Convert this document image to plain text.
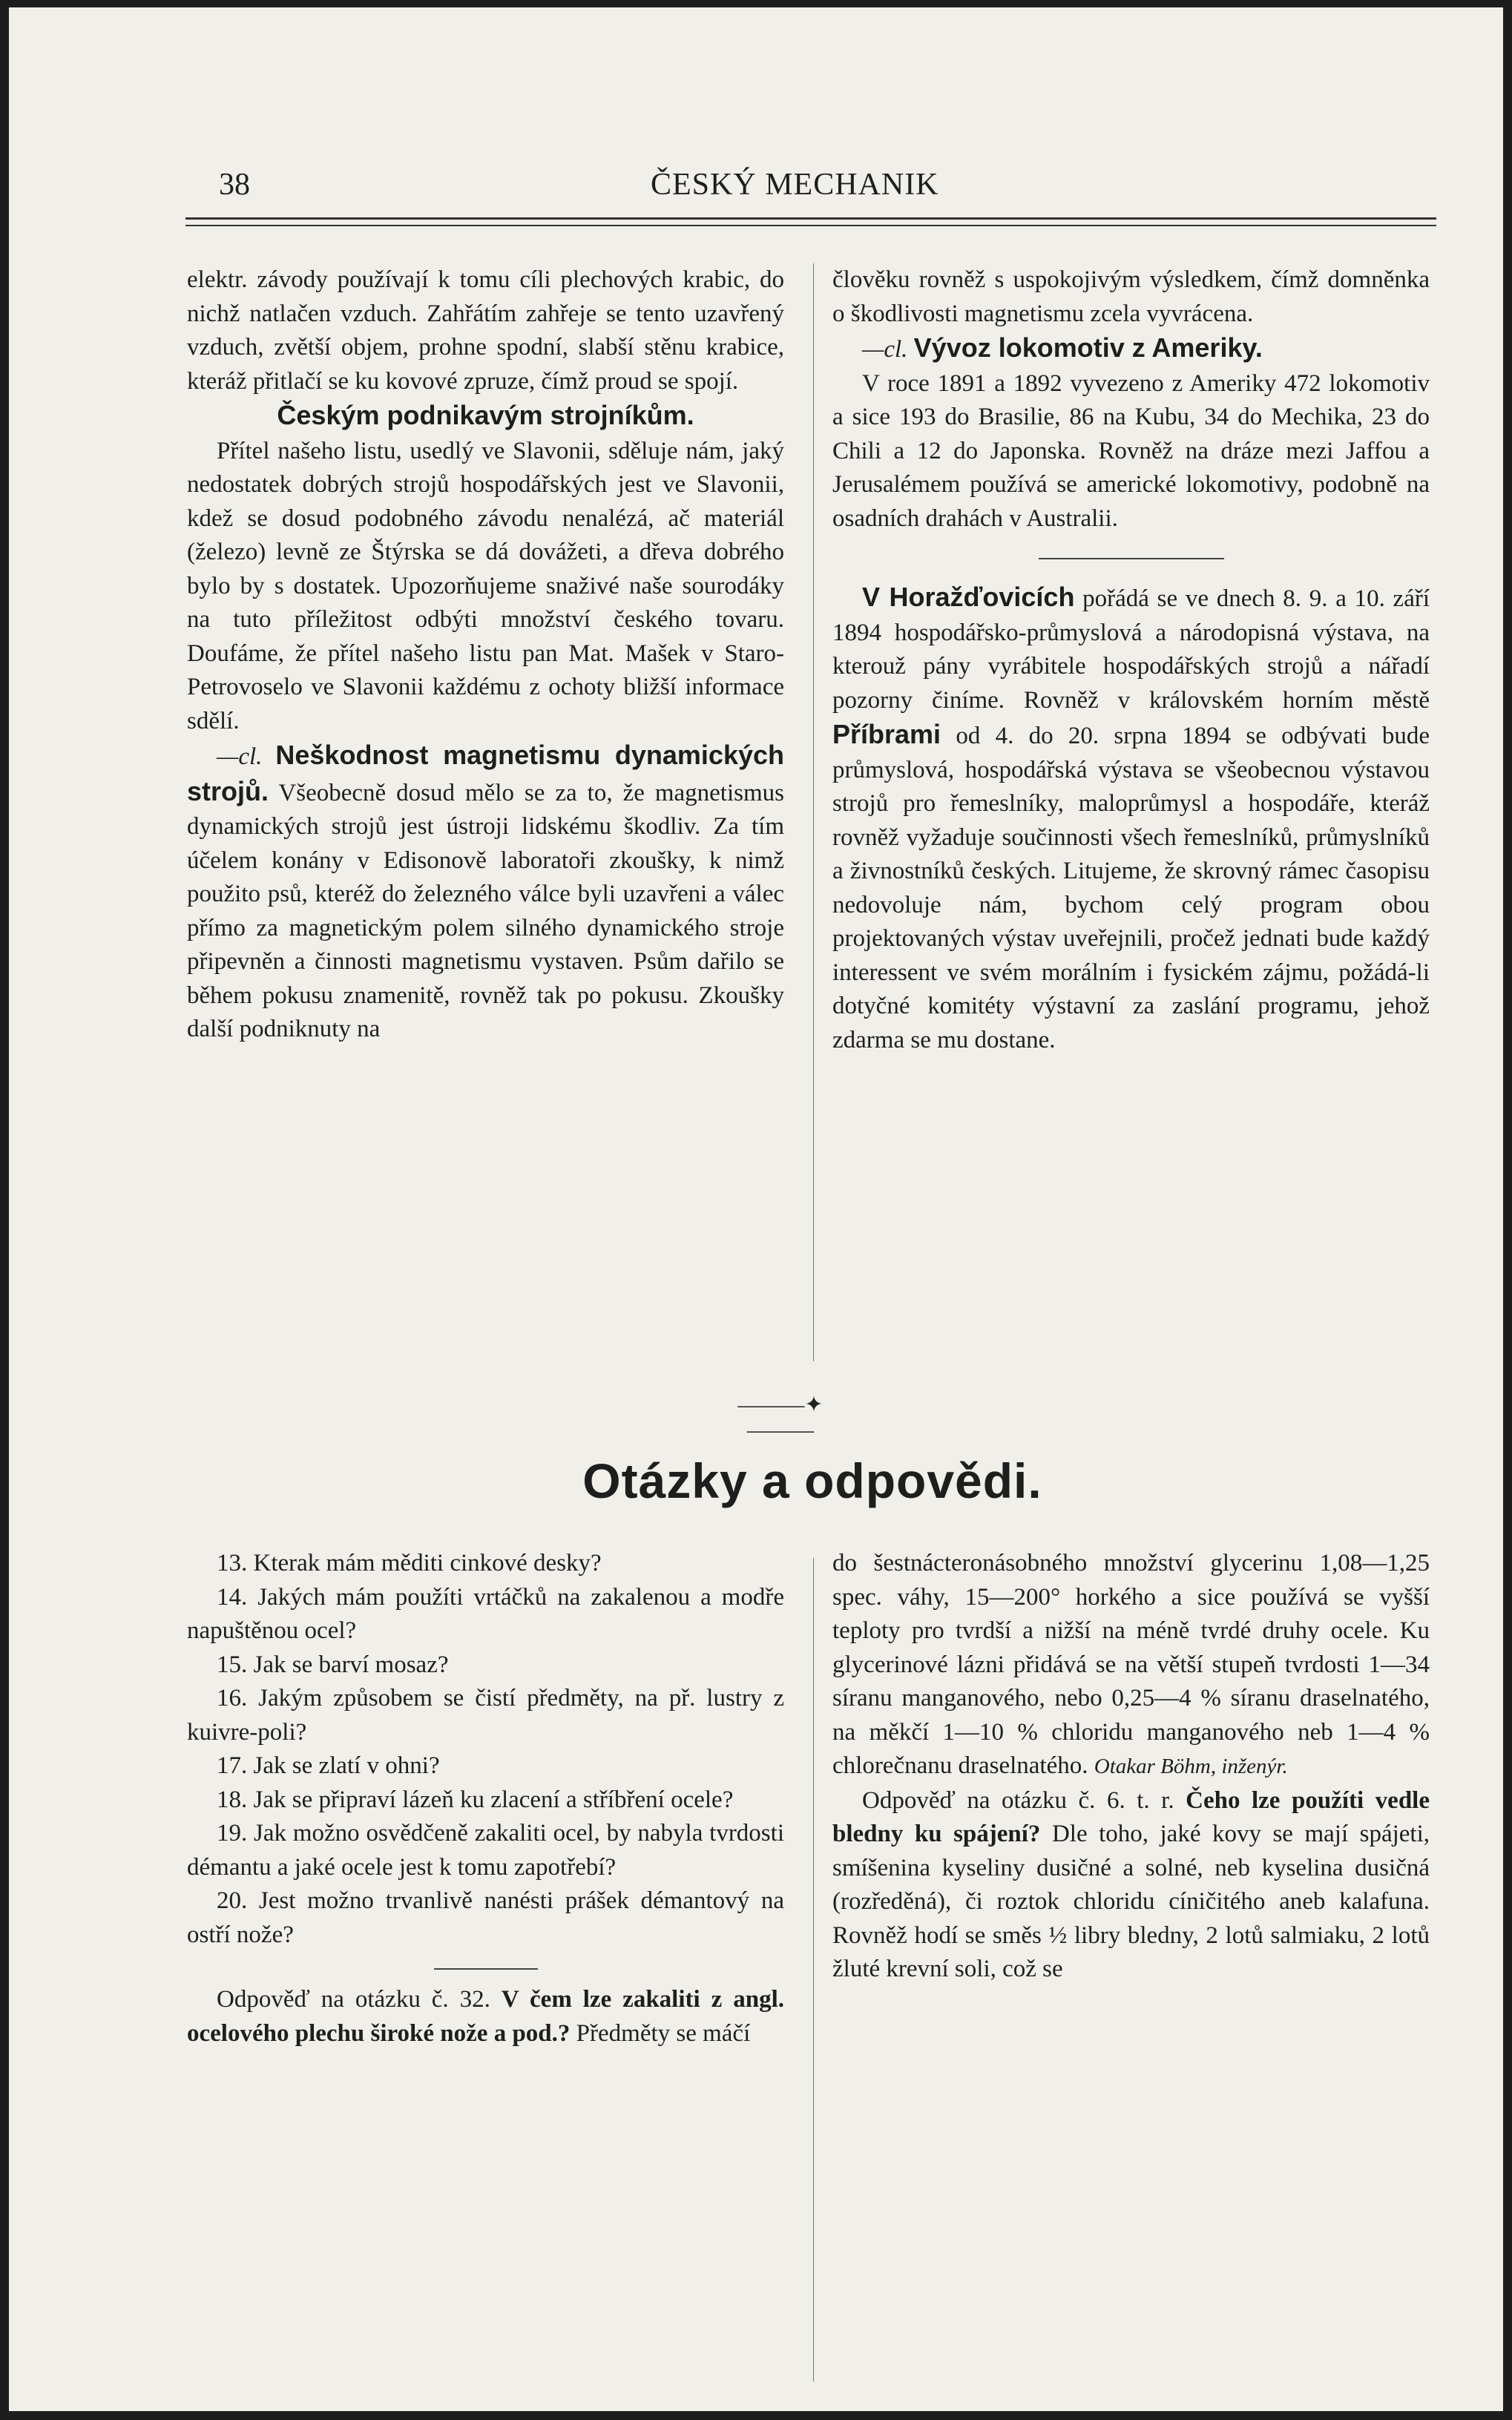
38	ČESKÝ MECHANIK

elektr. závody používají k tomu cíli plechových krabic, do nichž natlačen vzduch. Zahřátím zahřeje se tento uzavřený vzduch, zvětší objem, prohne spodní, slabší stěnu krabice, kteráž přitlačí se ku kovové zpruze, čímž proud se spojí.

Českým podnikavým strojníkům.

Přítel našeho listu, usedlý ve Slavonii, sděluje nám, jaký nedostatek dobrých strojů hospodářských jest ve Slavonii, kdež se dosud podobného závodu nenalézá, ač materiál (železo) levně ze Štýrska se dá dovážeti, a dřeva dobrého bylo by s dostatek. Upozorňujeme snaživé naše sourodáky na tuto příležitost odbýti množství českého tovaru. Doufáme, že přítel našeho listu pan Mat. Mašek v Staro-Petrovoselo ve Slavonii každému z ochoty bližší informace sdělí.

—cl. Neškodnost magnetismu dynamických strojů. Všeobecně dosud mělo se za to, že magnetismus dynamických strojů jest ústroji lidskému škodliv. Za tím účelem konány v Edisonově laboratoři zkoušky, k nimž použito psů, kteréž do železného válce byli uzavřeni a válec přímo za magnetickým polem silného dynamického stroje připevněn a činnosti magnetismu vystaven. Psům dařilo se během pokusu znamenitě, rovněž tak po pokusu. Zkoušky další podniknuty na

člověku rovněž s uspokojivým výsledkem, čímž domněnka o škodlivosti magnetismu zcela vyvrácena.

—cl. Vývoz lokomotiv z Ameriky.

V roce 1891 a 1892 vyvezeno z Ameriky 472 lokomotiv a sice 193 do Brasilie, 86 na Kubu, 34 do Mechika, 23 do Chili a 12 do Japonska. Rovněž na dráze mezi Jaffou a Jerusalémem používá se americké lokomotivy, podobně na osadních drahách v Australii.

V Horažďovicích pořádá se ve dnech 8. 9. a 10. září 1894 hospodářsko-průmyslová a národopisná výstava, na kterouž pány vyrábitele hospodářských strojů a nářadí pozorny činíme. Rovněž v královském horním městě Příbrami od 4. do 20. srpna 1894 se odbývati bude průmyslová, hospodářská výstava se všeobecnou výstavou strojů pro řemeslníky, maloprůmysl a hospodáře, kteráž rovněž vyžaduje součinnosti všech řemeslníků, průmyslníků a živnostníků českých. Litujeme, že skrovný rámec časopisu nedovoluje nám, bychom celý program obou projektovaných výstav uveřejnili, pročež jednati bude každý interessent ve svém morálním i fysickém zájmu, požádá-li dotyčné komitéty výstavní za zaslání programu, jehož zdarma se mu dostane.

———✦———
Otázky a odpovědi.

13. Kterak mám měditi cinkové desky?

14. Jakých mám použíti vrtáčků na zakalenou a modře napuštěnou ocel?

15. Jak se barví mosaz?

16. Jakým způsobem se čistí předměty, na př. lustry z kuivre-poli?

17. Jak se zlatí v ohni?

18. Jak se připraví lázeň ku zlacení a stříbření ocele?

19. Jak možno osvědčeně zakaliti ocel, by nabyla tvrdosti démantu a jaké ocele jest k tomu zapotřebí?

20. Jest možno trvanlivě nanésti prášek démantový na ostří nože?

Odpověď na otázku č. 32. V čem lze zakaliti z angl. ocelového plechu široké nože a pod.? Předměty se máčí

do šestnácteronásobného množství glycerinu 1,08—1,25 spec. váhy, 15—200° horkého a sice používá se vyšší teploty pro tvrdší a nižší na méně tvrdé druhy ocele. Ku glycerinové lázni přidává se na větší stupeň tvrdosti 1—34 síranu manganového, nebo 0,25—4 % síranu draselnatého, na měkčí 1—10 % chloridu manganového neb 1—4 % chlorečnanu draselnatého. Otakar Böhm, inženýr.

Odpověď na otázku č. 6. t. r. Čeho lze použíti vedle bledny ku spájení? Dle toho, jaké kovy se mají spájeti, smíšenina kyseliny dusičné a solné, neb kyselina dusičná (rozředěná), či roztok chloridu cíničitého aneb kalafuna. Rovněž hodí se směs ½ libry bledny, 2 lotů salmiaku, 2 lotů žluté krevní soli, což se
